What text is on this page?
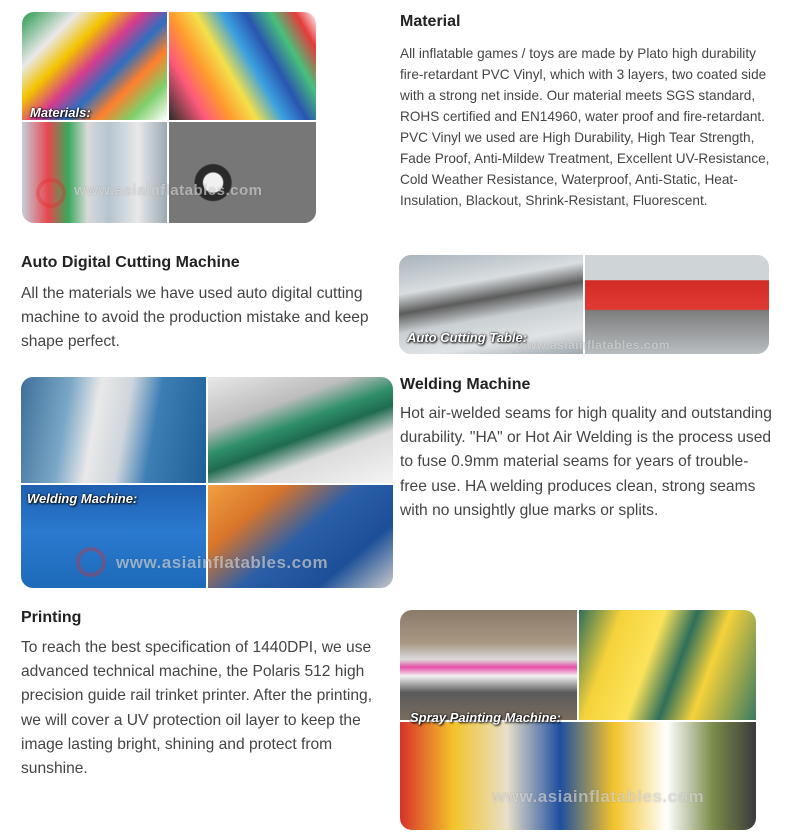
Materials:
www.asiainflatables.com
Material

All inflatable games / toys are made by Plato high durability fire-retardant PVC Vinyl, which with 3 layers, two coated side with a strong net inside. Our material meets SGS standard, ROHS certified and EN14960, water proof and fire-retardant. PVC Vinyl we used are High Durability, High Tear Strength, Fade Proof, Anti-Mildew Treatment, Excellent UV-Resistance, Cold Weather Resistance, Waterproof, Anti-Static, Heat-Insulation, Blackout, Shrink-Resistant, Fluorescent.

Auto Digital Cutting Machine

All the materials we have used auto digital cutting machine to avoid the production mistake and keep shape perfect.	Auto Cutting Table:
www.asiainflatables.com
Welding Machine:
www.asiainflatables.com
Welding Machine

Hot air-welded seams for high quality and outstanding durability. "HA" or Hot Air Welding is the process used to fuse 0.9mm material seams for years of trouble-free use. HA welding produces clean, strong seams with no unsightly glue marks or splits.

Printing

To reach the best specification of 1440DPI, we use advanced technical machine, the Polaris 512 high precision guide rail trinket printer. After the printing, we will cover a UV protection oil layer to keep the image lasting bright, shining and protect from sunshine.

Spray Painting Machine:
www.asiainflatables.com
